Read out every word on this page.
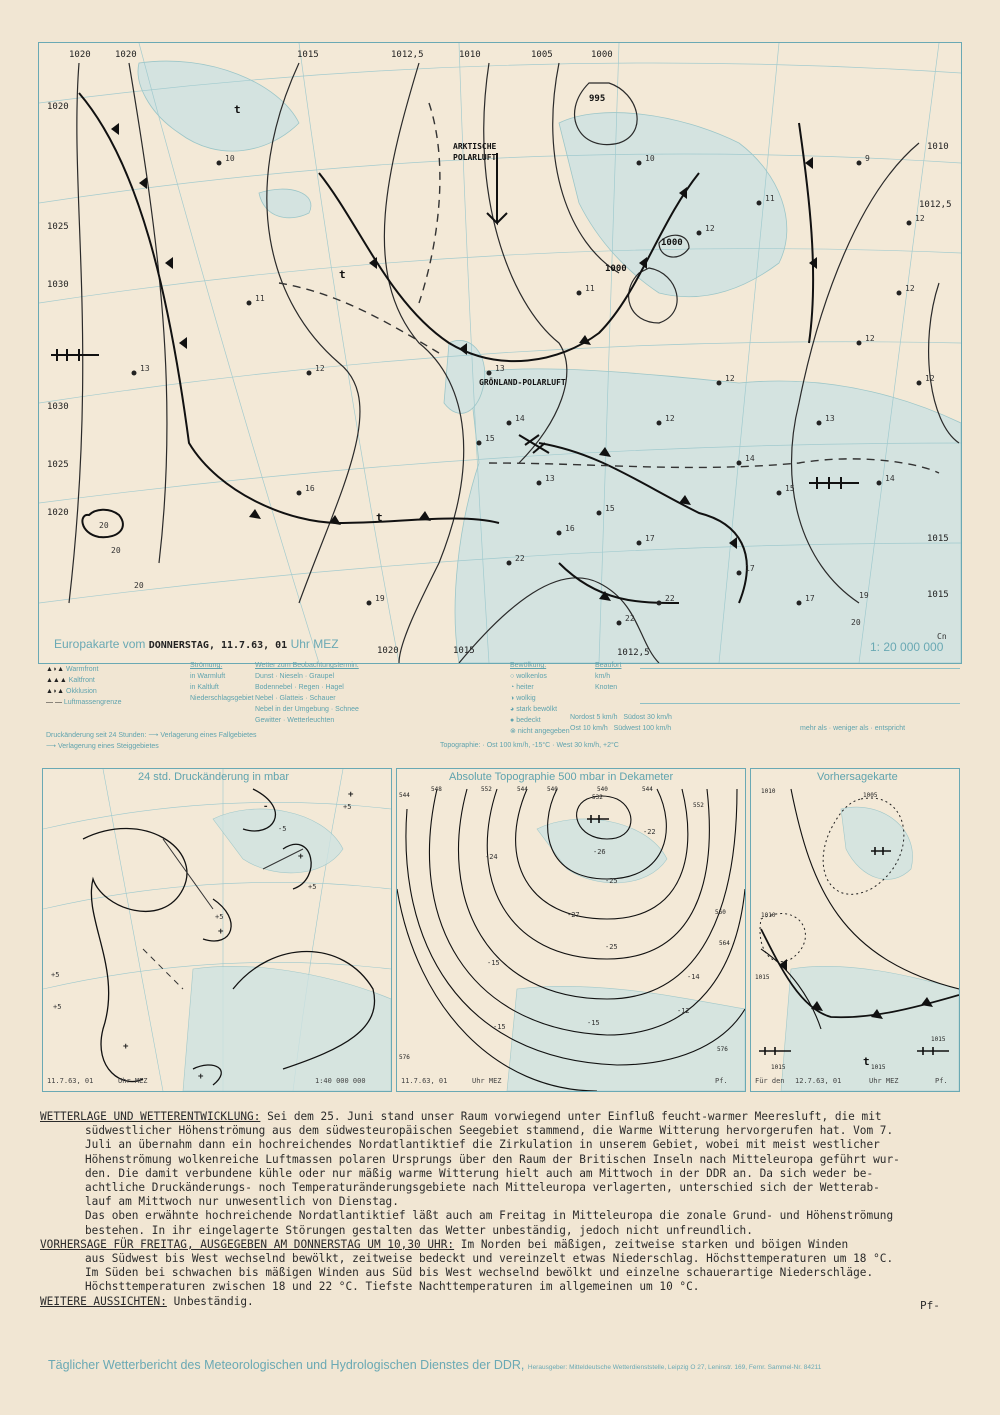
10
11
12
13
16
19
13
14
13
16
15
17
12
12
14
15
13
12
12
12
14
17
17
22
22
12
11
10	9
12
11
15
22
20
20
20
19
20
t
t
t
1020	1020	1015	1012,5	1010	1005	1000
1020
1025
1030
1030
1025
1020
1010
1012,5
1015
1015
1020	1015	1012,5
995
1000
1000
ARKTISCHE
POLARLUFT
GRÖNLAND-POLARLUFT
Cn
Europakarte vom DONNERSTAG, 11.7.63, 01 Uhr MEZ	1: 20 000 000
▲◗▲ Warmfront
▲▲▲ Kaltfront
▲◗▲ Okklusion
— — Luftmassengrenze
Strömung:
in Warmluft
in Kaltluft
Niederschlagsgebiet
Wetter zum Beobachtungstermin:
Dunst · Nieseln · Graupel
Bodennebel · Regen · Hagel
Nebel · Glatteis · Schauer
Nebel in der Umgebung · Schnee
Gewitter · Wetterleuchten
Bewölkung:
○ wolkenlos
◔ heiter
◑ wolkig
◕ stark bewölkt
● bedeckt
⊗ nicht angegeben
Beaufort
km/h
Knoten
Nordost 5 km/h Südost 30 km/h
Ost 10 km/h Südwest 100 km/h	mehr als · weniger als · entspricht
Druckänderung seit 24 Stunden: ⟶ Verlagerung eines Fallgebietes
⟶ Verlagerung eines Steiggebietes	Topographie: · Ost 100 km/h, -15°C · West 30 km/h, +2°C
+
+
+
+
+
-
+5
+5
+5
+5
+5
-5
24 std. Druckänderung in mbar
11.7.63, 01	Uhr MEZ	1:40 000 000
544
548	552	544	540	540	544
552
560
564
576
576
532
-22
-26
-25
-24
-27
-25
-15
-14
-15
-12
-15
Absolute Topographie 500 mbar in Dekameter
11.7.63, 01	Uhr MEZ	Pf.
1010
1005
1010
1015
1015	1015
1015
t
Vorhersagekarte
Für den 12.7.63, 01	Uhr MEZ	Pf.

WETTERLAGE UND WETTERENTWICKLUNG: Sei dem 25. Juni stand unser Raum vorwiegend unter Einfluß feucht-warmer Meeresluft, die mit

südwestlicher Höhenströmung aus dem südwesteuropäischen Seegebiet stammend, die Warme Witterung hervorgerufen hat. Vom 7.

Juli an übernahm dann ein hochreichendes Nordatlantiktief die Zirkulation in unserem Gebiet, wobei mit meist westlicher

Höhenströmung wolkenreiche Luftmassen polaren Ursprungs über den Raum der Britischen Inseln nach Mitteleuropa geführt wur-

den. Die damit verbundene kühle oder nur mäßig warme Witterung hielt auch am Mittwoch in der DDR an. Da sich weder be-

achtliche Druckänderungs- noch Temperaturänderungsgebiete nach Mitteleuropa verlagerten, unterschied sich der Wetterab-

lauf am Mittwoch nur unwesentlich von Dienstag.

Das oben erwähnte hochreichende Nordatlantiktief läßt auch am Freitag in Mitteleuropa die zonale Grund- und Höhenströmung

bestehen. In ihr eingelagerte Störungen gestalten das Wetter unbeständig, jedoch nicht unfreundlich.

VORHERSAGE FÜR FREITAG, AUSGEGEBEN AM DONNERSTAG UM 10,30 UHR: Im Norden bei mäßigen, zeitweise starken und böigen Winden

aus Südwest bis West wechselnd bewölkt, zeitweise bedeckt und vereinzelt etwas Niederschlag. Höchsttemperaturen um 18 °C.

Im Süden bei schwachen bis mäßigen Winden aus Süd bis West wechselnd bewölkt und einzelne schauerartige Niederschläge.

Höchsttemperaturen zwischen 18 und 22 °C. Tiefste Nachttemperaturen im allgemeinen um 10 °C.

WEITERE AUSSICHTEN: Unbeständig.	Pf-
Täglicher Wetterbericht des Meteorologischen und Hydrologischen Dienstes der DDR, Herausgeber: Mitteldeutsche Wetterdienststelle, Leipzig O 27, Leninstr. 169, Fernr. Sammel-Nr. 84211
